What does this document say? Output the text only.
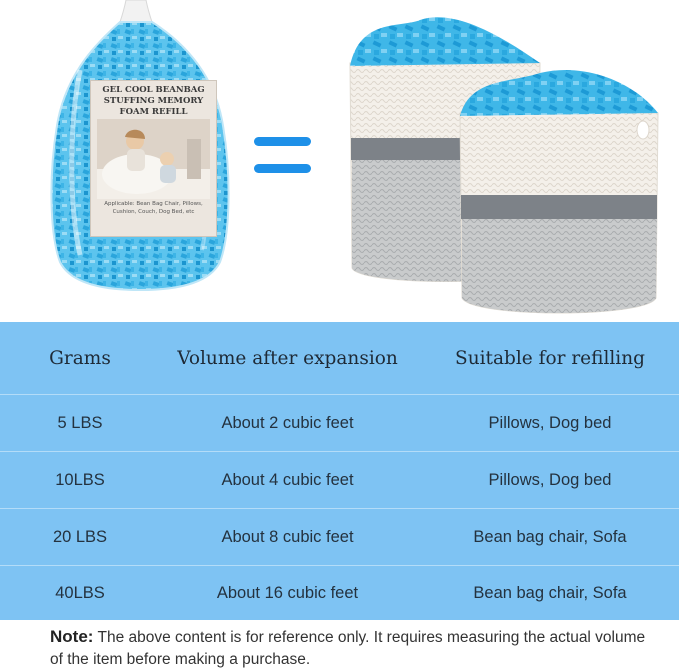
GEL COOL BEANBAG
STUFFING MEMORY
FOAM REFILL
Applicable: Bean Bag Chair, Pillows,
Cushion, Couch, Dog Bed, etc
Grams	Volume after expansion	Suitable for refilling
5 LBS	About 2 cubic feet	Pillows, Dog bed
10LBS	About 4 cubic feet	Pillows, Dog bed
20 LBS	About 8 cubic feet	Bean bag chair, Sofa
40LBS	About 16 cubic feet	Bean bag chair, Sofa
Note: The above content is for reference only. It requires measuring the actual volume of the item before making a purchase.
